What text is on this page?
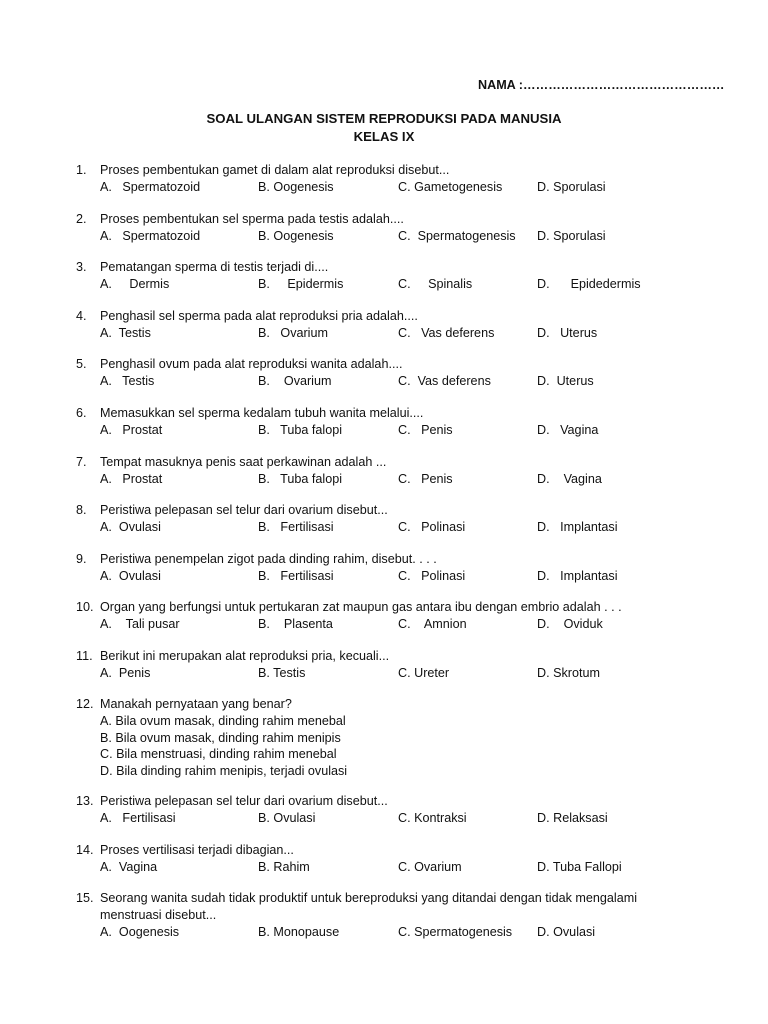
NAMA :…………………………………………
SOAL ULANGAN SISTEM REPRODUKSI PADA MANUSIA
KELAS IX
1. Proses pembentukan gamet di dalam alat reproduksi disebut...
A.   Spermatozoid	B. Oogenesis	C. Gametogenesis	D. Sporulasi
2. Proses pembentukan sel sperma pada testis adalah....
A.   Spermatozoid	B. Oogenesis	C.  Spermatogenesis D. Sporulasi
3. Pematangan sperma di testis terjadi di....
A.     Dermis	B.     Epidermis	C.     Spinalis	D.      Epidedermis
4. Penghasil sel sperma pada alat reproduksi pria adalah....
A.  Testis	B.   Ovarium	C.   Vas deferens	D.   Uterus
5. Penghasil ovum pada alat reproduksi wanita adalah....
A.   Testis	B.    Ovarium	C.  Vas deferens	D.  Uterus
6. Memasukkan sel sperma kedalam tubuh wanita melalui....
A.   Prostat	B.   Tuba falopi	C.   Penis	D.   Vagina
7. Tempat masuknya penis saat perkawinan adalah ...
A.   Prostat	B.   Tuba falopi	C.   Penis	D.    Vagina
8. Peristiwa pelepasan sel telur dari ovarium disebut...
A.  Ovulasi	B.   Fertilisasi	C.   Polinasi	D.   Implantasi
9. Peristiwa penempelan zigot pada dinding rahim, disebut. . . .
A.  Ovulasi	B.   Fertilisasi	C.   Polinasi	D.   Implantasi
10. Organ yang berfungsi untuk pertukaran zat maupun gas antara ibu dengan embrio adalah . . .
A.    Tali pusar	B.    Plasenta	C.    Amnion	D.    Oviduk
11. Berikut ini merupakan alat reproduksi pria, kecuali...
A.  Penis	B. Testis	C. Ureter	D. Skrotum
12. Manakah pernyataan yang benar?
A. Bila ovum masak, dinding rahim menebal
B. Bila ovum masak, dinding rahim menipis
C. Bila menstruasi, dinding rahim menebal
D. Bila dinding rahim menipis, terjadi ovulasi
13. Peristiwa pelepasan sel telur dari ovarium disebut...
A.   Fertilisasi	B. Ovulasi	C. Kontraksi	D. Relaksasi
14. Proses vertilisasi terjadi dibagian...
A.  Vagina	B. Rahim	C. Ovarium	D. Tuba Fallopi
15. Seorang wanita sudah tidak produktif untuk bereproduksi yang ditandai dengan tidak mengalami menstruasi disebut...
A.  Oogenesis	B. Monopause	C. Spermatogenesis D. Ovulasi
